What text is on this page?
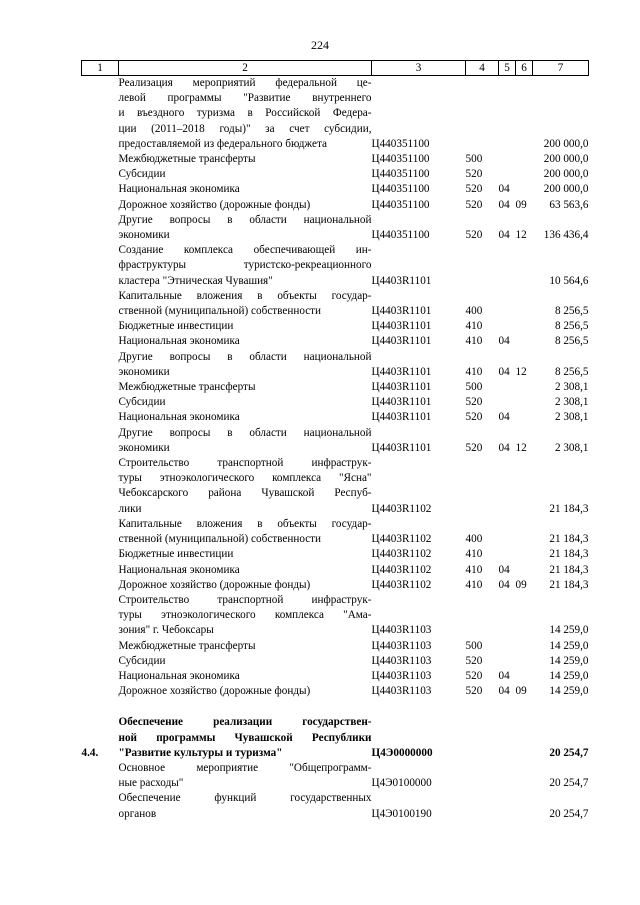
224
1	2	3	4	5	6	7

	Реализация мероприятий федеральной це-
левой программы "Развитие внутреннего
и въездного туризма в Российской Федера-
ции (2011–2018 годы)" за счет субсидии,
предоставляемой из федерального бюджета	Ц440351100				200 000,0

	Межбюджетные трансферты	Ц440351100	500			200 000,0

	Субсидии	Ц440351100	520			200 000,0

	Национальная экономика	Ц440351100	520	04		200 000,0

	Дорожное хозяйство (дорожные фонды)	Ц440351100	520	04	09	63 563,6

	Другие вопросы в области национальной
экономики	Ц440351100	520	04	12	136 436,4

	Создание комплекса обеспечивающей ин-
фраструктуры туристско-рекреационного
кластера "Этническая Чувашия"	Ц4403R1101				10 564,6

	Капитальные вложения в объекты государ-
ственной (муниципальной) собственности	Ц4403R1101	400			8 256,5

	Бюджетные инвестиции	Ц4403R1101	410			8 256,5

	Национальная экономика	Ц4403R1101	410	04		8 256,5

	Другие вопросы в области национальной
экономики	Ц4403R1101	410	04	12	8 256,5

	Межбюджетные трансферты	Ц4403R1101	500			2 308,1

	Субсидии	Ц4403R1101	520			2 308,1

	Национальная экономика	Ц4403R1101	520	04		2 308,1

	Другие вопросы в области национальной
экономики	Ц4403R1101	520	04	12	2 308,1

	Строительство транспортной инфраструк-
туры этноэкологического комплекса "Ясна"
Чебоксарского района Чувашской Респуб-
лики	Ц4403R1102				21 184,3

	Капитальные вложения в объекты государ-
ственной (муниципальной) собственности	Ц4403R1102	400			21 184,3

	Бюджетные инвестиции	Ц4403R1102	410			21 184,3

	Национальная экономика	Ц4403R1102	410	04		21 184,3

	Дорожное хозяйство (дорожные фонды)	Ц4403R1102	410	04	09	21 184,3

	Строительство транспортной инфраструк-
туры этноэкологического комплекса "Ама-
зония" г. Чебоксары	Ц4403R1103				14 259,0

	Межбюджетные трансферты	Ц4403R1103	500			14 259,0

	Субсидии	Ц4403R1103	520			14 259,0

	Национальная экономика	Ц4403R1103	520	04		14 259,0

	Дорожное хозяйство (дорожные фонды)	Ц4403R1103	520	04	09	14 259,0

4.4.	Обеспечение реализации государствен-
ной программы Чувашской Республики
"Развитие культуры и туризма"	Ц4Э0000000				20 254,7

	Основное мероприятие "Общепрограмм-
ные расходы"	Ц4Э0100000				20 254,7

	Обеспечение функций государственных
органов	Ц4Э0100190				20 254,7
